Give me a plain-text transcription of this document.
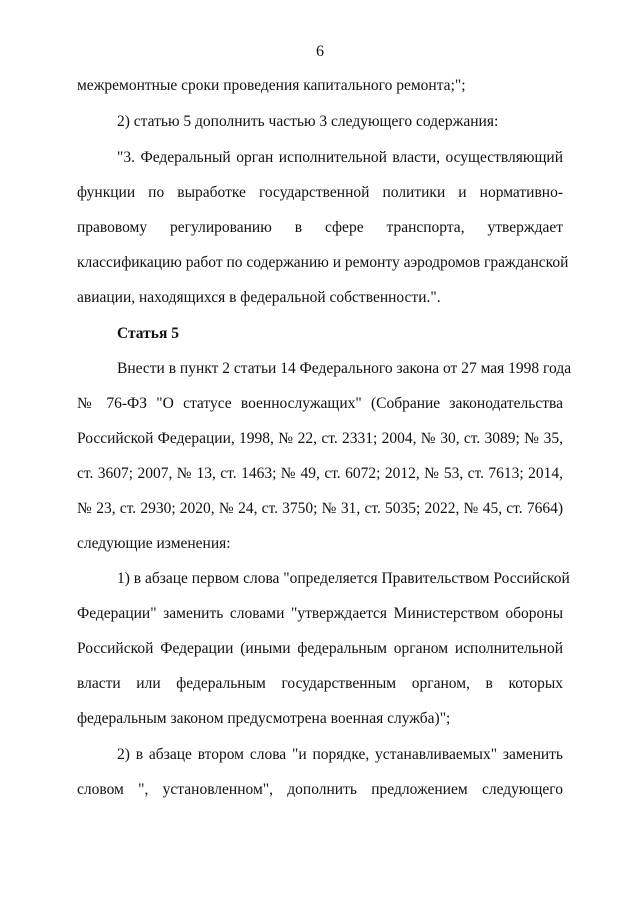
6
межремонтные сроки проведения капитального ремонта;";
2) статью 5 дополнить частью 3 следующего содержания:
"3. Федеральный орган исполнительной власти, осуществляющий
функции по выработке государственной политики и нормативно-
правовому регулированию в сфере транспорта, утверждает
классификацию работ по содержанию и ремонту аэродромов гражданской
авиации, находящихся в федеральной собственности.".
Статья 5
Внести в пункт 2 статьи 14 Федерального закона от 27 мая 1998 года
№ 76-ФЗ "О статусе военнослужащих" (Собрание законодательства
Российской Федерации, 1998, № 22, ст. 2331; 2004, № 30, ст. 3089; № 35,
ст. 3607; 2007, № 13, ст. 1463; № 49, ст. 6072; 2012, № 53, ст. 7613; 2014,
№ 23, ст. 2930; 2020, № 24, ст. 3750; № 31, ст. 5035; 2022, № 45, ст. 7664)
следующие изменения:
1) в абзаце первом слова "определяется Правительством Российской
Федерации" заменить словами "утверждается Министерством обороны
Российской Федерации (иными федеральным органом исполнительной
власти или федеральным государственным органом, в которых
федеральным законом предусмотрена военная служба)";
2) в абзаце втором слова "и порядке, устанавливаемых" заменить
словом ", установленном", дополнить предложением следующего
